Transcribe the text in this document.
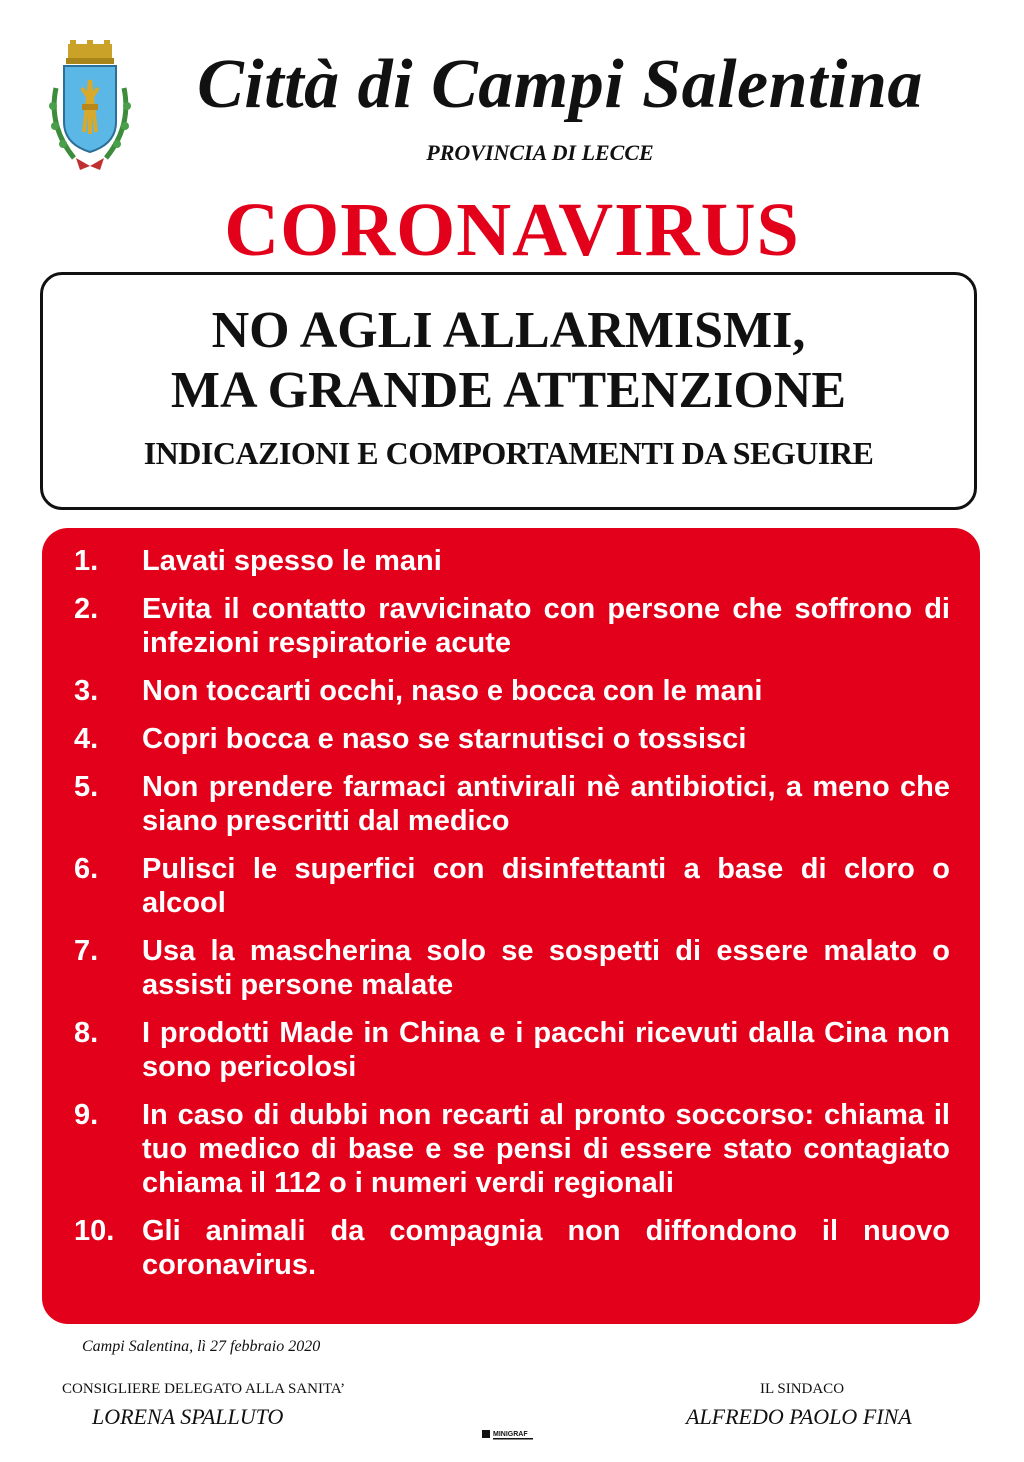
Città di Campi Salentina
PROVINCIA DI LECCE
CORONAVIRUS
NO AGLI ALLARMISMI,
MA GRANDE ATTENZIONE
INDICAZIONI E COMPORTAMENTI DA SEGUIRE
1.	Lavati spesso le mani
2.	Evita il contatto ravvicinato con persone che soffrono di infezioni respiratorie acute
3.	Non toccarti occhi, naso e bocca con le mani
4.	Copri bocca e naso se starnutisci o tossisci
5.	Non prendere farmaci antivirali nè antibiotici, a meno che siano prescritti dal medico
6.	Pulisci le superfici con disinfettanti a base di cloro o alcool
7.	Usa la mascherina solo se sospetti di essere malato o assisti persone malate
8.	I prodotti Made in China e i pacchi ricevuti dalla Cina non sono pericolosi
9.	In caso di dubbi non recarti al pronto soccorso: chiama il tuo medico di base e se pensi di essere stato contagiato chiama il 112 o i numeri verdi regionali
10. Gli animali da compagnia non diffondono il nuovo coronavirus.
Campi Salentina, lì 27 febbraio 2020
CONSIGLIERE DELEGATO ALLA SANITA’
LORENA SPALLUTO
IL SINDACO
ALFREDO PAOLO FINA
MINIGRAF
